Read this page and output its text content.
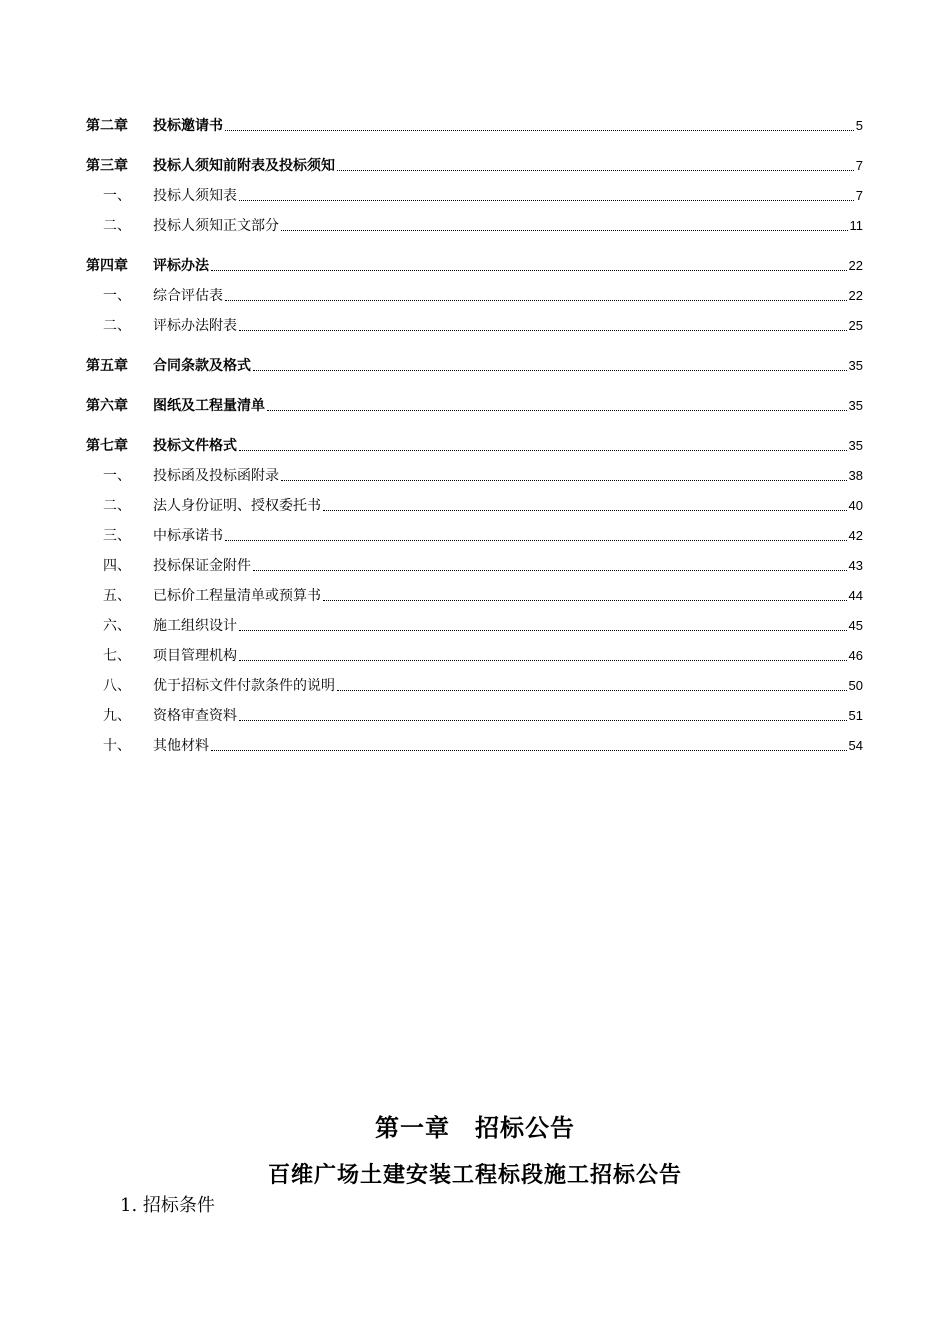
第二章	投标邀请书	5
第三章	投标人须知前附表及投标须知	7
一、	投标人须知表	7
二、	投标人须知正文部分	11
第四章	评标办法	22
一、	综合评估表	22
二、	评标办法附表	25
第五章	合同条款及格式	35
第六章	图纸及工程量清单	35
第七章	投标文件格式	35
一、	投标函及投标函附录	38
二、	法人身份证明、授权委托书	40
三、	中标承诺书	42
四、	投标保证金附件	43
五、	已标价工程量清单或预算书	44
六、	施工组织设计	45
七、	项目管理机构	46
八、	优于招标文件付款条件的说明	50
九、	资格审查资料	51
十、	其他材料	54
第一章　招标公告
百维广场土建安装工程标段施工招标公告
1. 招标条件
